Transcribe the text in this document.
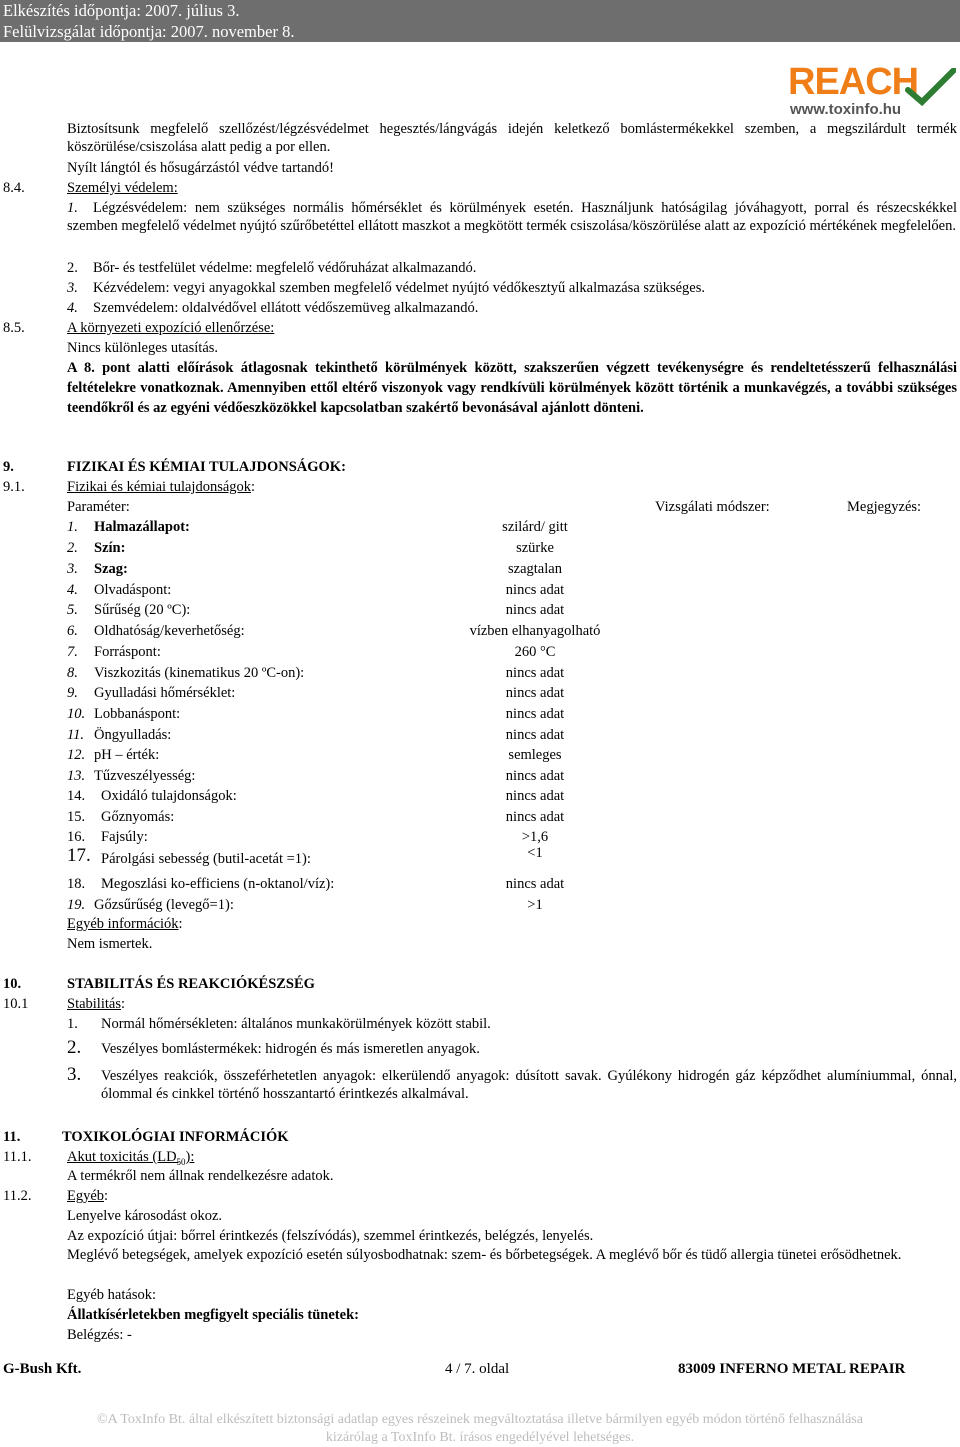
Elkészítés időpontja: 2007. július 3.
Felülvizsgálat időpontja: 2007. november 8.
REACH
www.toxinfo.hu
Biztosítsunk megfelelő szellőzést/légzésvédelmet hegesztés/lángvágás idején keletkező bomlástermékekkel szemben, a megszilárdult termék köszörülése/csiszolása alatt pedig a por ellen.
Nyílt lángtól és hősugárzástól védve tartandó!
8.4.	Személyi védelem:
1.	Légzésvédelem: nem szükséges normális hőmérséklet és körülmények esetén. Használjunk hatóságilag jóváhagyott, porral és részecskékkel szemben megfelelő védelmet nyújtó szűrőbetéttel ellátott maszkot a megkötött termék csiszolása/köszörülése alatt az expozíció mértékének megfelelően.
2. Bőr- és testfelület védelme: megfelelő védőruházat alkalmazandó.
3. Kézvédelem: vegyi anyagokkal szemben megfelelő védelmet nyújtó védőkesztyű alkalmazása szükséges.
4. Szemvédelem: oldalvédővel ellátott védőszemüveg alkalmazandó.
8.5.	A környezeti expozíció ellenőrzése:
Nincs különleges utasítás.
A 8. pont alatti előírások átlagosnak tekinthető körülmények között, szakszerűen végzett tevékenységre és rendeltetésszerű felhasználási feltételekre vonatkoznak. Amennyiben ettől eltérő viszonyok vagy rendkívüli körülmények között történik a munkavégzés, a további szükséges teendőkről és az egyéni védőeszközökkel kapcsolatban szakértő bevonásával ajánlott dönteni.
9.	FIZIKAI ÉS KÉMIAI TULAJDONSÁGOK:
9.1.	Fizikai és kémiai tulajdonságok:
Paraméter:	Vizsgálati módszer:	Megjegyzés:
1. Halmazállapot:	szilárd/ gitt
2. Szín:	szürke
3. Szag:	szagtalan
4. Olvadáspont:	nincs adat
5. Sűrűség (20 ºC):	nincs adat
6. Oldhatóság/keverhetőség:	vízben elhanyagolható
7. Forráspont:	260 °C
8. Viszkozitás (kinematikus 20 ºC-on):	nincs adat
9. Gyulladási hőmérséklet:	nincs adat
10. Lobbanáspont:	nincs adat
11. Öngyulladás:	nincs adat
12. pH – érték:	semleges
13. Tűzveszélyesség:	nincs adat
14. Oxidáló tulajdonságok:	nincs adat
15. Gőznyomás:	nincs adat
16. Fajsúly:	>1,6
17. Párolgási sebesség (butil-acetát =1):	<1
18. Megoszlási ko-efficiens (n-oktanol/víz):	nincs adat
19. Gőzsűrűség (levegő=1):	>1
Egyéb információk:
Nem ismertek.
10.	STABILITÁS ÉS REAKCIÓKÉSZSÉG
10.1	Stabilitás:
1. Normál hőmérsékleten: általános munkakörülmények között stabil.
2. Veszélyes bomlástermékek: hidrogén és más ismeretlen anyagok.
3. Veszélyes reakciók, összeférhetetlen anyagok: elkerülendő anyagok: dúsított savak. Gyúlékony hidrogén gáz képződhet alumíniummal, ónnal, ólommal és cinkkel történő hosszantartó érintkezés alkalmával.
11.	TOXIKOLÓGIAI INFORMÁCIÓK
11.1. Akut toxicitás $(LD_{50})$:
A termékről nem állnak rendelkezésre adatok.
11.2. Egyéb:
Lenyelve károsodást okoz.
Az expozíció útjai: bőrrel érintkezés (felszívódás), szemmel érintkezés, belégzés, lenyelés.
Meglévő betegségek, amelyek expozíció esetén súlyosbodhatnak: szem- és bőrbetegségek. A meglévő bőr és tüdő allergia tünetei erősödhetnek.
Egyéb hatások:
Állatkísérletekben megfigyelt speciális tünetek:
Belégzés: -
G-Bush Kft.	4 / 7. oldal	83009 INFERNO METAL REPAIR
©A ToxInfo Bt. által elkészített biztonsági adatlap egyes részeinek megváltoztatása illetve bármilyen egyéb módon történő felhasználása
kizárólag a ToxInfo Bt. írásos engedélyével lehetséges.
